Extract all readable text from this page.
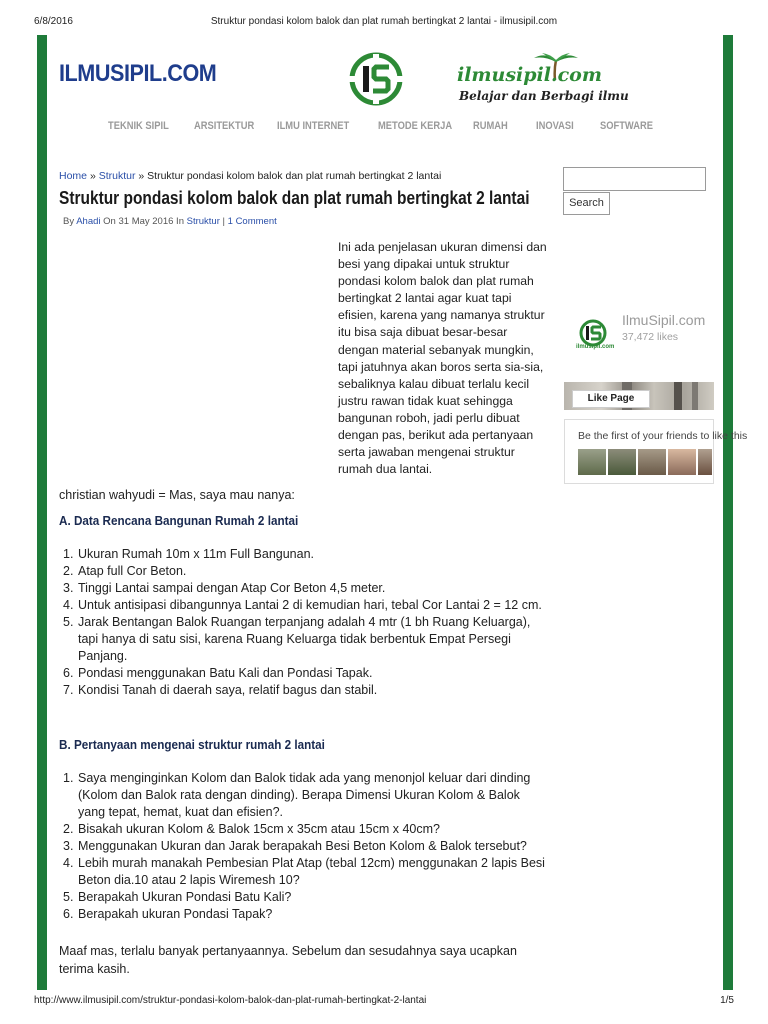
6/8/2016	Struktur pondasi kolom balok dan plat rumah bertingkat 2 lantai - ilmusipil.com
ILMUSIPIL.COM	ilmusipil.com
Belajar dan Berbagi ilmu
TEKNIK SIPIL ARSITEKTUR ILMU INTERNET	METODE KERJA RUMAH	INOVASI SOFTWARE
Home » Struktur » Struktur pondasi kolom balok dan plat rumah bertingkat 2 lantai
Struktur pondasi kolom balok dan plat rumah bertingkat 2 lantai
By Ahadi On 31 May 2016 In Struktur | 1 Comment

Ini ada penjelasan ukuran dimensi dan besi yang dipakai untuk struktur pondasi kolom balok dan plat rumah bertingkat 2 lantai agar kuat tapi efisien, karena yang namanya struktur itu bisa saja dibuat besar-besar dengan material sebanyak mungkin, tapi jatuhnya akan boros serta sia-sia, sebaliknya kalau dibuat terlalu kecil justru rawan tidak kuat sehingga bangunan roboh, jadi perlu dibuat dengan pas, berikut ada pertanyaan serta jawaban mengenai struktur rumah dua lantai.

christian wahyudi = Mas, saya mau nanya:

A. Data Rencana Bangunan Rumah 2 lantai
1. Ukuran Rumah 10m x 11m Full Bangunan.
2. Atap full Cor Beton.
3. Tinggi Lantai sampai dengan Atap Cor Beton 4,5 meter.
4. Untuk antisipasi dibangunnya Lantai 2 di kemudian hari, tebal Cor Lantai 2 = 12 cm.
5. Jarak Bentangan Balok Ruangan terpanjang adalah 4 mtr (1 bh Ruang Keluarga), tapi hanya di satu sisi, karena Ruang Keluarga tidak berbentuk Empat Persegi Panjang.
6. Pondasi menggunakan Batu Kali dan Pondasi Tapak.
7. Kondisi Tanah di daerah saya, relatif bagus dan stabil.
B. Pertanyaan mengenai struktur rumah 2 lantai
1. Saya menginginkan Kolom dan Balok tidak ada yang menonjol keluar dari dinding (Kolom dan Balok rata dengan dinding). Berapa Dimensi Ukuran Kolom & Balok yang tepat, hemat, kuat dan efisien?.
2. Bisakah ukuran Kolom & Balok 15cm x 35cm atau 15cm x 40cm?
3. Menggunakan Ukuran dan Jarak berapakah Besi Beton Kolom & Balok tersebut?
4. Lebih murah manakah Pembesian Plat Atap (tebal 12cm) menggunakan 2 lapis Besi Beton dia.10 atau 2 lapis Wiremesh 10?
5. Berapakah Ukuran Pondasi Batu Kali?
6. Berapakah ukuran Pondasi Tapak?

Maaf mas, terlalu banyak pertanyaannya. Sebelum dan sesudahnya saya ucapkan terima kasih.

Search
ilmusipil.com
IlmuSipil.com
37,472 likes
Like Page
Be the first of your friends to like this
http://www.ilmusipil.com/struktur-pondasi-kolom-balok-dan-plat-rumah-bertingkat-2-lantai	1/5
